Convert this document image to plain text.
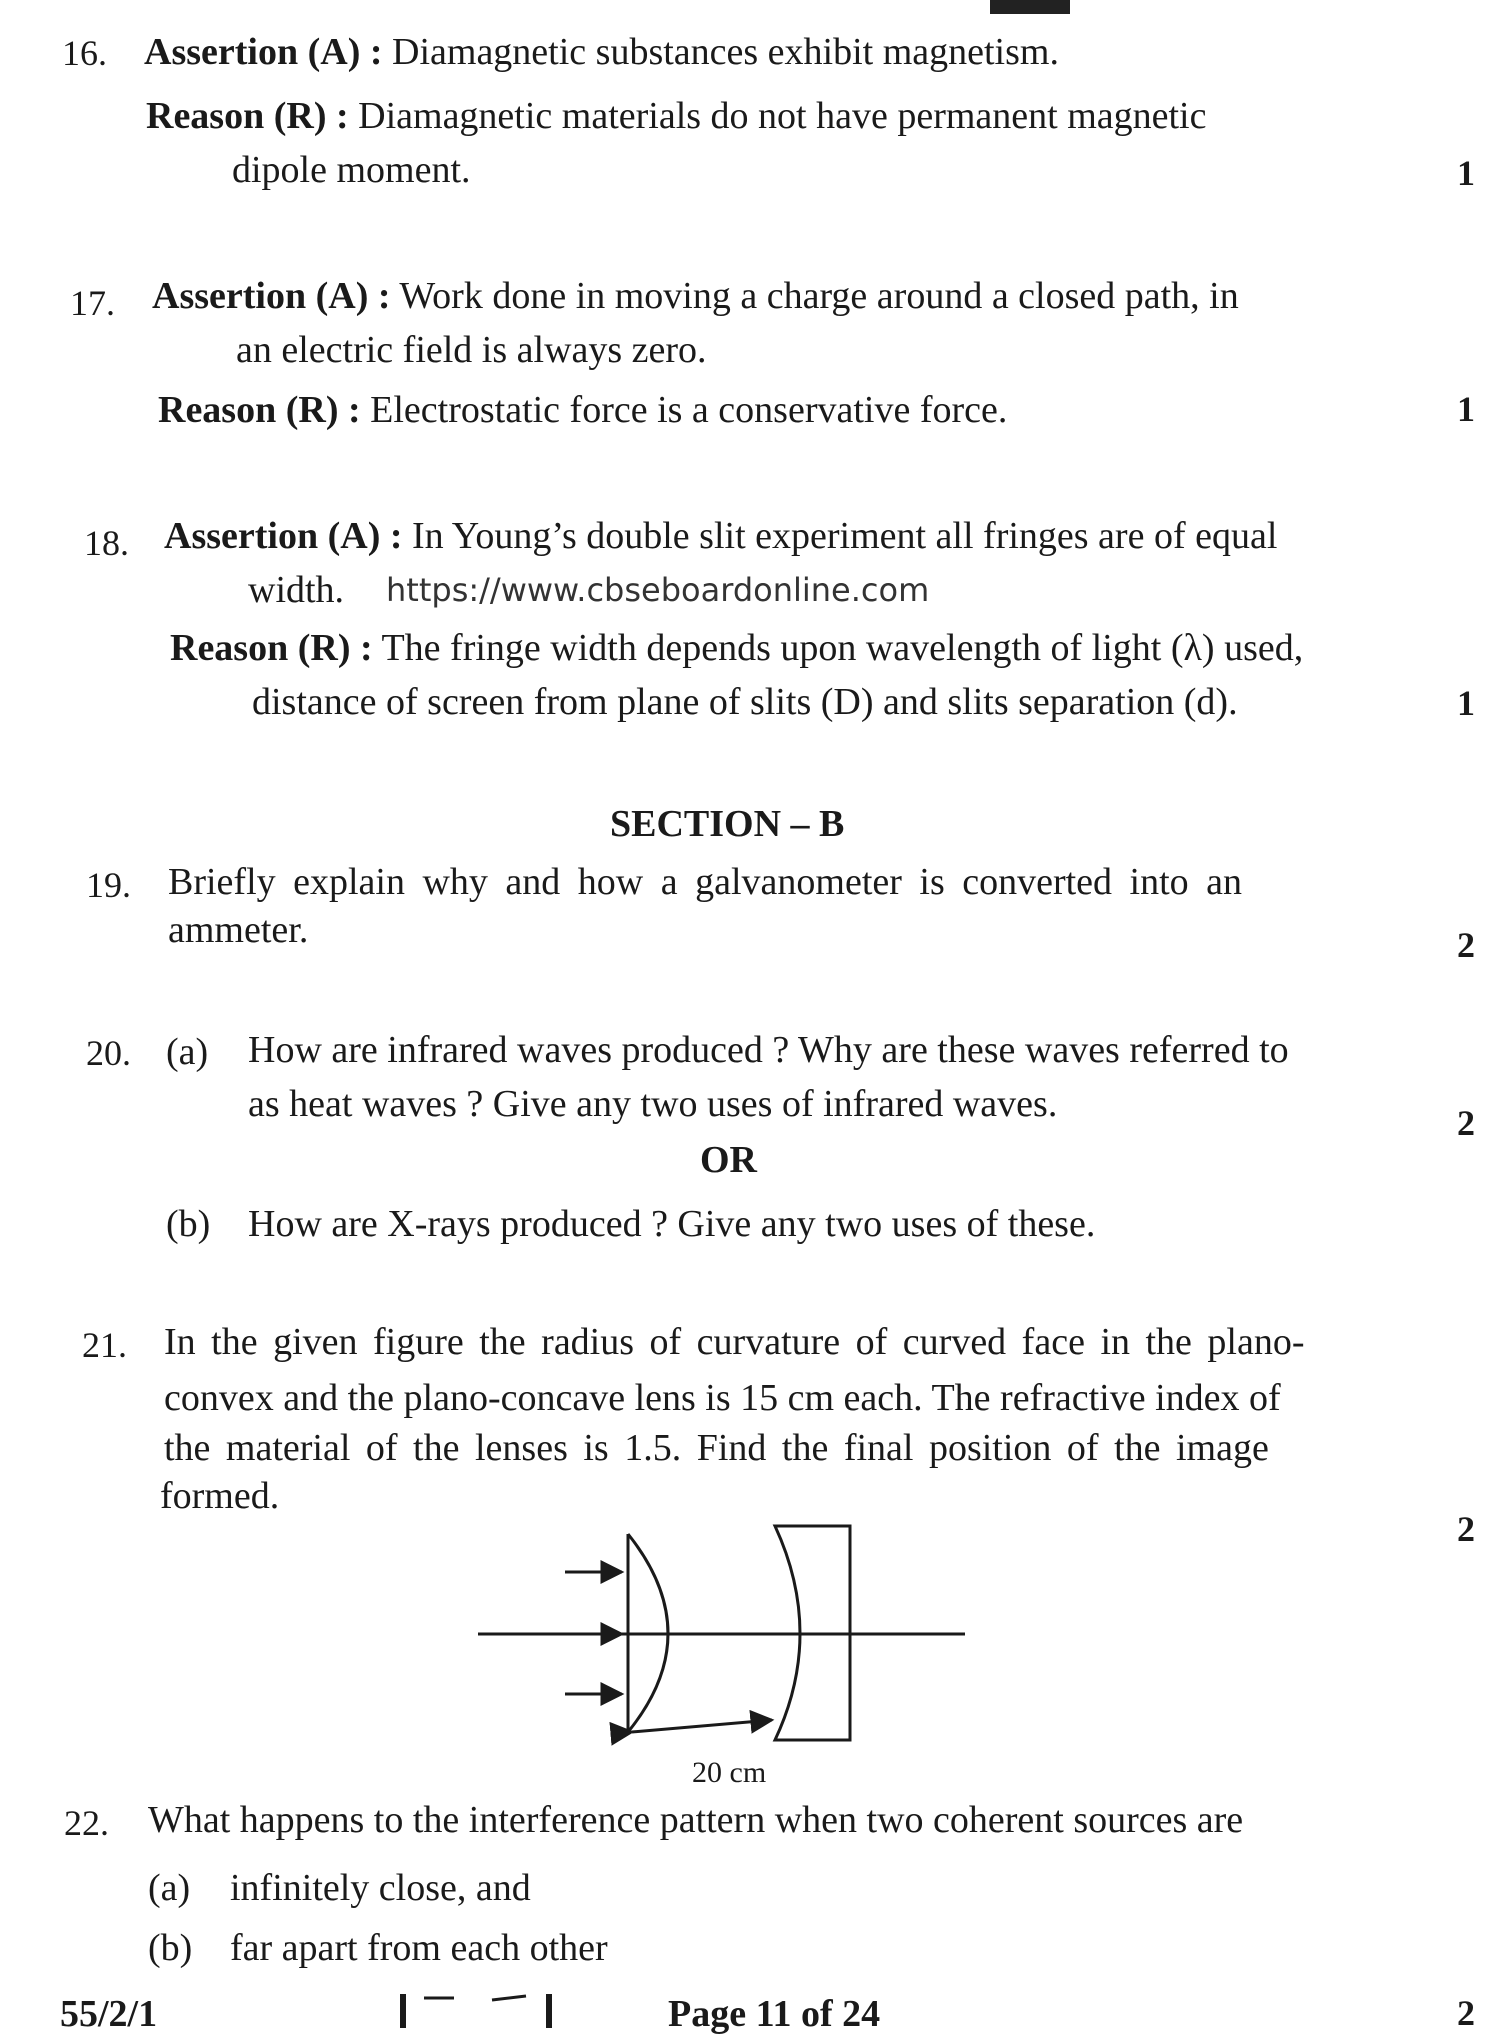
16. Assertion (A) : Diamagnetic substances exhibit magnetism.
Reason (R) : Diamagnetic materials do not have permanent magnetic
dipole moment.	1
17. Assertion (A) : Work done in moving a charge around a closed path, in
an electric field is always zero.
Reason (R) : Electrostatic force is a conservative force.	1
18. Assertion (A) : In Young’s double slit experiment all fringes are of equal
width. https://www.cbseboardonline.com
Reason (R) : The fringe width depends upon wavelength of light (λ) used,
distance of screen from plane of slits (D) and slits separation (d).	1
SECTION – B
19. Briefly explain why and how a galvanometer is converted into an
ammeter.	2
20. (a) How are infrared waves produced ? Why are these waves referred to
as heat waves ? Give any two uses of infrared waves.	2
OR
(b) How are X-rays produced ? Give any two uses of these.
21. In the given figure the radius of curvature of curved face in the plano-
convex and the plano-concave lens is 15 cm each. The refractive index of
the material of the lenses is 1.5. Find the final position of the image
formed.
2
20 cm
22. What happens to the interference pattern when two coherent sources are
(a) infinitely close, and
(b) far apart from each other
2
55/2/1	Page 11 of 24
